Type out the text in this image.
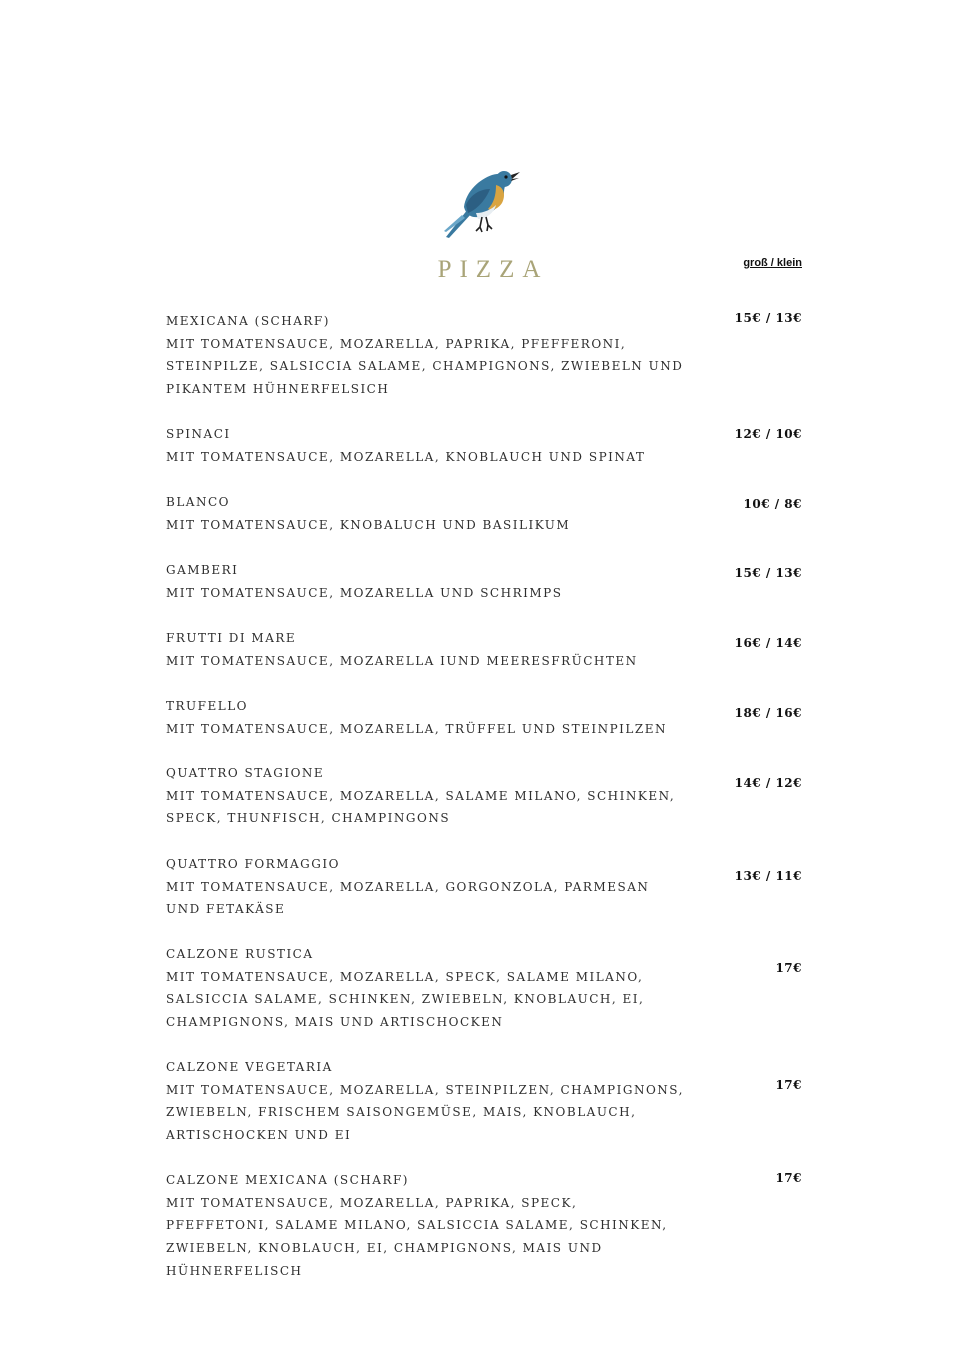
PIZZA	groß / klein
MEXICANA (SCHARF)
MIT TOMATENSAUCE, MOZARELLA, PAPRIKA, PFEFFERONI, STEINPILZE, SALSICCIA SALAME, CHAMPIGNONS, ZWIEBELN UND PIKANTEM HÜHNERFELSICH
15€ / 13€
SPINACI
MIT TOMATENSAUCE, MOZARELLA, KNOBLAUCH UND SPINAT
12€ / 10€
BLANCO
MIT TOMATENSAUCE, KNOBALUCH UND BASILIKUM
10€ / 8€
GAMBERI
MIT TOMATENSAUCE, MOZARELLA UND SCHRIMPS
15€ / 13€
FRUTTI DI MARE
MIT TOMATENSAUCE, MOZARELLA IUND MEERESFRÜCHTEN
16€ / 14€
TRUFELLO
MIT TOMATENSAUCE, MOZARELLA, TRÜFFEL UND STEINPILZEN
18€ / 16€
QUATTRO STAGIONE
MIT TOMATENSAUCE, MOZARELLA, SALAME MILANO, SCHINKEN, SPECK, THUNFISCH, CHAMPINGONS
14€ / 12€
QUATTRO FORMAGGIO
MIT TOMATENSAUCE, MOZARELLA, GORGONZOLA, PARMESAN UND FETAKÄSE
13€ / 11€
CALZONE RUSTICA
MIT TOMATENSAUCE, MOZARELLA, SPECK, SALAME MILANO, SALSICCIA SALAME, SCHINKEN, ZWIEBELN, KNOBLAUCH, EI, CHAMPIGNONS, MAIS UND ARTISCHOCKEN
17€
CALZONE VEGETARIA
MIT TOMATENSAUCE, MOZARELLA, STEINPILZEN, CHAMPIGNONS, ZWIEBELN, FRISCHEM SAISONGEMÜSE, MAIS, KNOBLAUCH, ARTISCHOCKEN UND EI
17€
CALZONE MEXICANA (SCHARF)
MIT TOMATENSAUCE, MOZARELLA, PAPRIKA, SPECK, PFEFFETONI, SALAME MILANO, SALSICCIA SALAME, SCHINKEN, ZWIEBELN, KNOBLAUCH, EI, CHAMPIGNONS, MAIS UND HÜHNERFELISCH
17€
